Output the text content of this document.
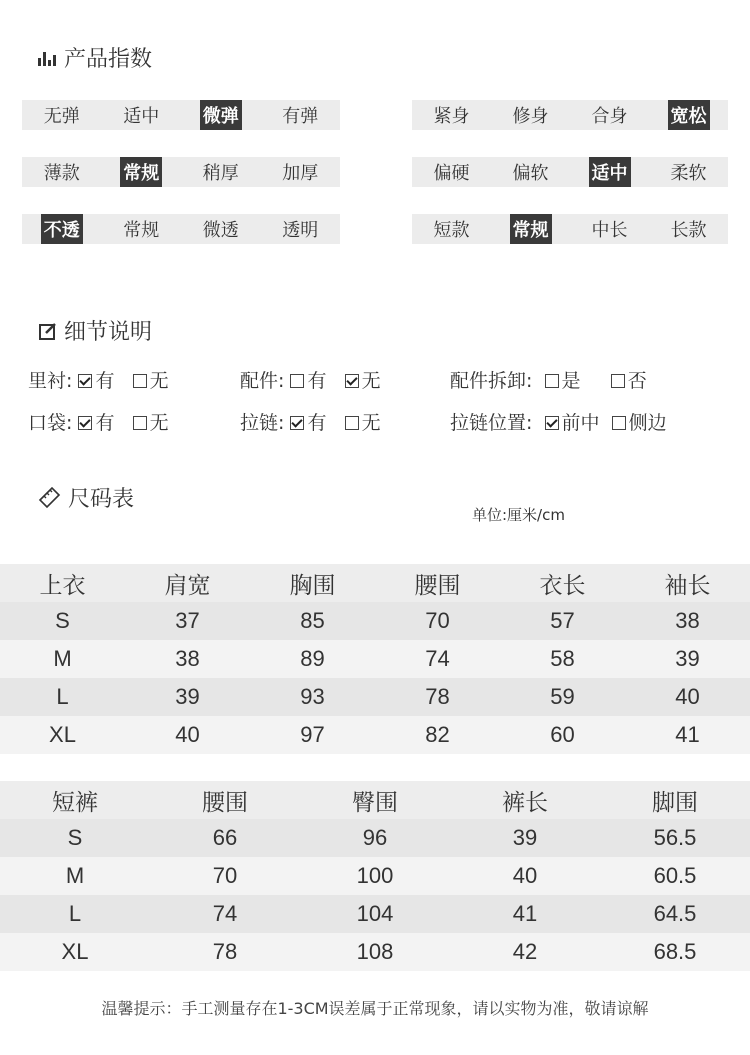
产品指数
无弹 适中 微弹 有弹
薄款 常规 稍厚 加厚
不透 常规 微透 透明
紧身 修身 合身 宽松
偏硬 偏软 适中 柔软
短款 常规 中长 长款
细节说明
里衬: 有 无	配件: 有 无	配件拆卸: 是 否
口袋: 有 无	拉链: 有 无	拉链位置: 前中 侧边
尺码表
单位:厘米/cm
上衣	肩宽	胸围	腰围	衣长	袖长
S	37	85	70	57	38
M	38	89	74	58	39
L	39	93	78	59	40
XL	40	97	82	60	41
短裤	腰围	臀围	裤长	脚围
S	66	96	39	56.5
M	70	100	40	60.5
L	74	104	41	64.5
XL	78	108	42	68.5
温馨提示：手工测量存在1-3CM误差属于正常现象，请以实物为准，敬请谅解
